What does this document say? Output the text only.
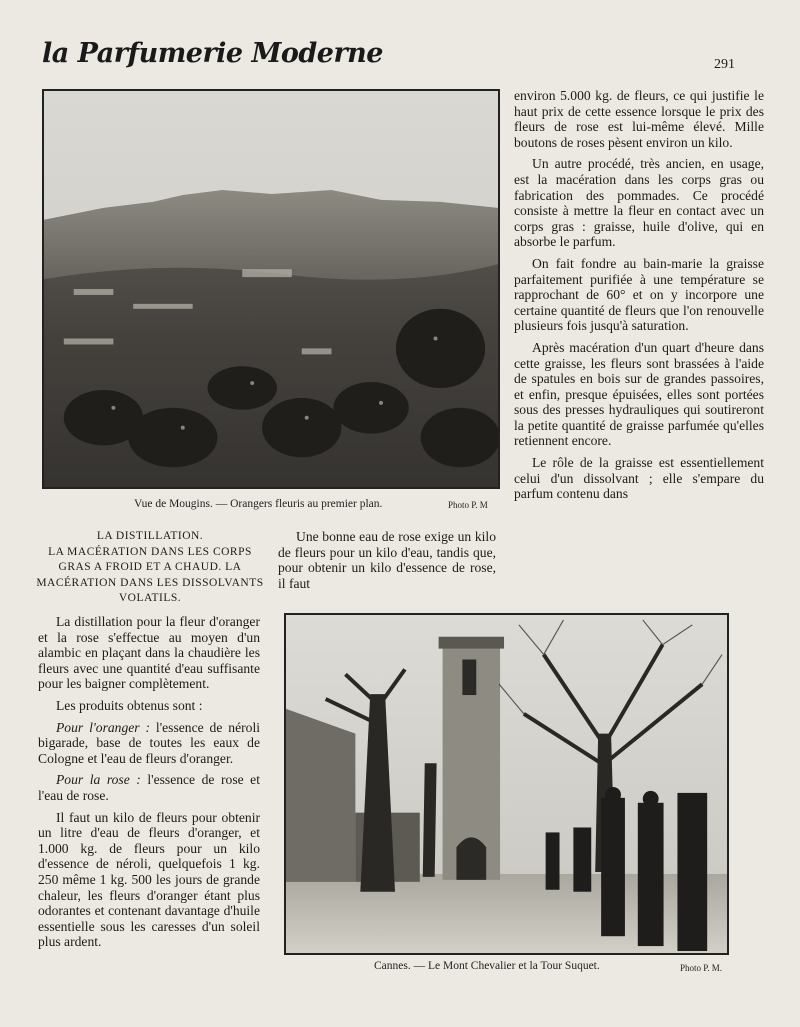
la Parfumerie Moderne	291
Vue de Mougins. — Orangers fleuris au premier plan.	Photo P. M

environ 5.000 kg. de fleurs, ce qui justifie le haut prix de cette essence lorsque le prix des fleurs de rose est lui-même élevé. Mille boutons de roses pèsent environ un kilo.

Un autre procédé, très ancien, en usage, est la macération dans les corps gras ou fabrication des pommades. Ce procédé consiste à mettre la fleur en contact avec un corps gras : graisse, huile d'olive, qui en absorbe le parfum.

On fait fondre au bain-marie la graisse parfaitement purifiée à une température se rapprochant de 60° et on y incorpore une certaine quantité de fleurs que l'on renouvelle plusieurs fois jusqu'à saturation.

Après macération d'un quart d'heure dans cette graisse, les fleurs sont brassées à l'aide de spatules en bois sur de grandes passoires, et enfin, presque épuisées, elles sont portées sous des presses hydrauliques qui soutireront la petite quantité de graisse parfumée qu'elles retiennent encore.

Le rôle de la graisse est essentiellement celui d'un dissolvant ; elle s'empare du parfum contenu dans

LA DISTILLATION.
LA MACÉRATION DANS LES CORPS GRAS A FROID ET A CHAUD. LA MACÉRATION DANS LES DISSOLVANTS VOLATILS.

Une bonne eau de rose exige un kilo de fleurs pour un kilo d'eau, tandis que, pour obtenir un kilo d'essence de rose, il faut

La distillation pour la fleur d'oranger et la rose s'effectue au moyen d'un alambic en plaçant dans la chaudière les fleurs avec une quantité d'eau suffisante pour les baigner complètement.

Les produits obtenus sont :

Pour l'oranger : l'essence de néroli bigarade, base de toutes les eaux de Cologne et l'eau de fleurs d'oranger.

Pour la rose : l'essence de rose et l'eau de rose.

Il faut un kilo de fleurs pour obtenir un litre d'eau de fleurs d'oranger, et 1.000 kg. de fleurs pour un kilo d'essence de néroli, quelquefois 1 kg. 250 même 1 kg. 500 les jours de grande chaleur, les fleurs d'oranger étant plus odorantes et contenant davantage d'huile essentielle sous les caresses d'un soleil plus ardent.

Cannes. — Le Mont Chevalier et la Tour Suquet.	Photo P. M.
